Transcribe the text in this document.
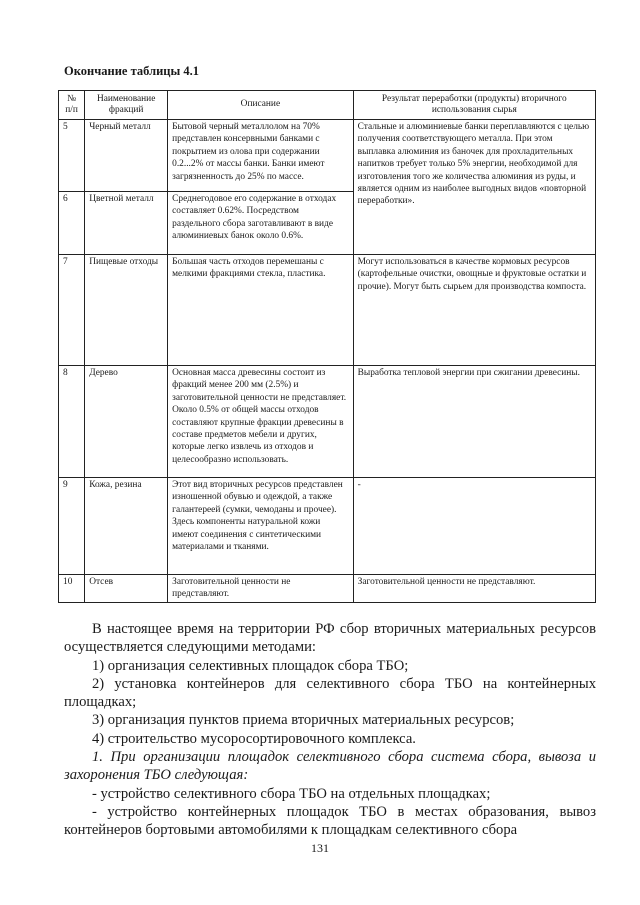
Окончание таблицы 4.1
№ п/п	Наименование фракций	Описание	Результат переработки (продукты) вторичного использования сырья
5	Черный металл	Бытовой черный металлолом на 70% представлен консервными банками с покрытием из олова при содержании 0.2...2% от массы банки. Банки имеют загрязненность до 25% по массе.	Стальные и алюминиевые банки переплавляются с целью получения соответствующего металла. При этом выплавка алюминия из баночек для прохладительных напитков требует только 5% энергии, необходимой для изготовления того же количества алюминия из руды, и является одним из наиболее выгодных видов «повторной переработки».
6	Цветной металл	Среднегодовое его содержание в отходах составляет 0.62%. Посредством раздельного сбора заготавливают в виде алюминиевых банок около 0.6%.	
7	Пищевые отходы	Большая часть отходов перемешаны с мелкими фракциями стекла, пластика.	Могут использоваться в качестве кормовых ресурсов (картофельные очистки, овощные и фруктовые остатки и прочие). Могут быть сырьем для производства компоста.
8	Дерево	Основная масса древесины состоит из фракций менее 200 мм (2.5%) и заготовительной ценности не представляет. Около 0.5% от общей массы отходов составляют крупные фракции древесины в составе предметов мебели и других, которые легко извлечь из отходов и целесообразно использовать.	Выработка тепловой энергии при сжигании древесины.
9	Кожа, резина	Этот вид вторичных ресурсов представлен изношенной обувью и одеждой, а также галантереей (сумки, чемоданы и прочее). Здесь компоненты натуральной кожи имеют соединения с синтетическими материалами и тканями.	-
10	Отсев	Заготовительной ценности не представляют.	Заготовительной ценности не представляют.

В настоящее время на территории РФ сбор вторичных материальных ресурсов осуществляется следующими методами:

1) организация селективных площадок сбора ТБО;

2) установка контейнеров для селективного сбора ТБО на контейнерных площадках;

3) организация пунктов приема вторичных материальных ресурсов;

4) строительство мусоросортировочного комплекса.

1. При организации площадок селективного сбора система сбора, вывоза и захоронения ТБО следующая:

- устройство селективного сбора ТБО на отдельных площадках;

- устройство контейнерных площадок ТБО в местах образования, вывоз контейнеров бортовыми автомобилями к площадкам селективного сбора

131
